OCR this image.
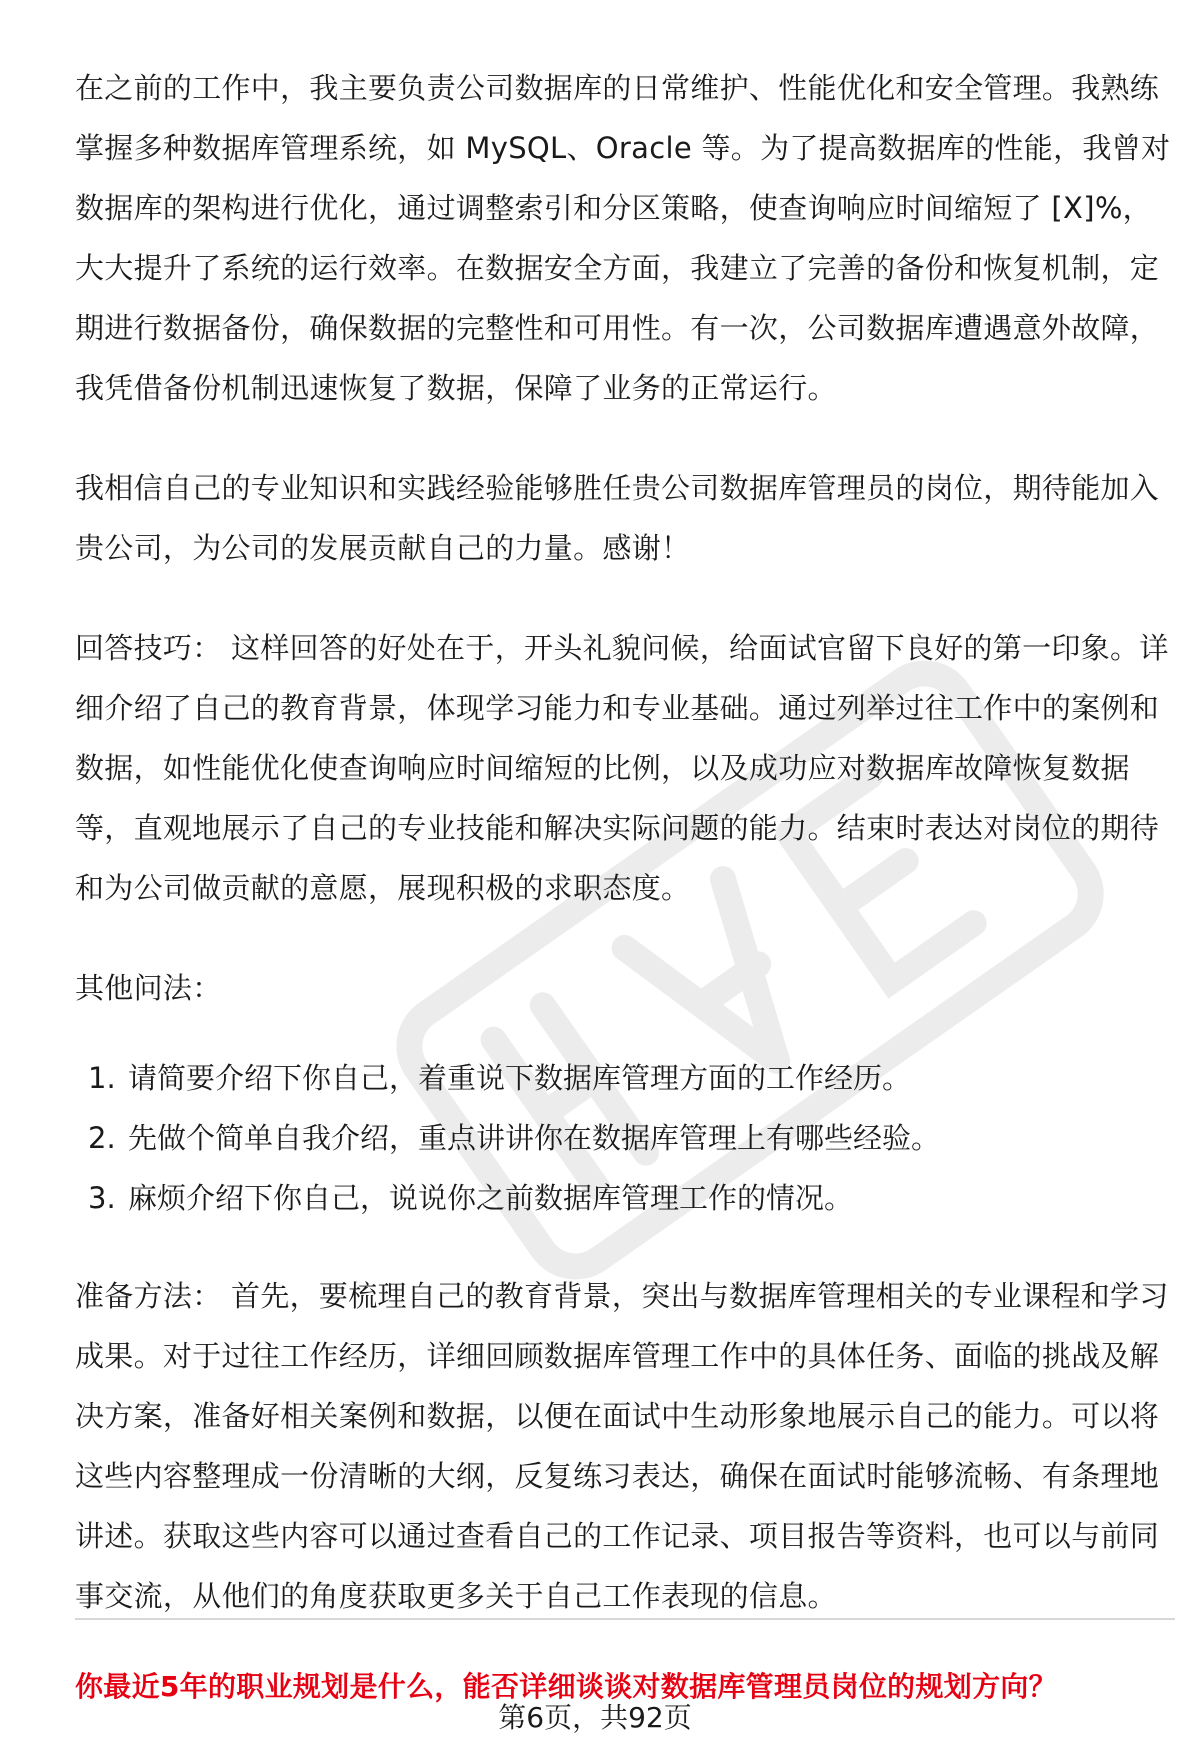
在之前的工作中，我主要负责公司数据库的日常维护、性能优化和安全管理。我熟练掌握多种数据库管理系统，如 MySQL、Oracle 等。为了提高数据库的性能，我曾对数据库的架构进行优化，通过调整索引和分区策略，使查询响应时间缩短了 [X]%，大大提升了系统的运行效率。在数据安全方面，我建立了完善的备份和恢复机制，定期进行数据备份，确保数据的完整性和可用性。有一次，公司数据库遭遇意外故障，我凭借备份机制迅速恢复了数据，保障了业务的正常运行。

我相信自己的专业知识和实践经验能够胜任贵公司数据库管理员的岗位，期待能加入贵公司，为公司的发展贡献自己的力量。感谢！

回答技巧： 这样回答的好处在于，开头礼貌问候，给面试官留下良好的第一印象。详细介绍了自己的教育背景，体现学习能力和专业基础。通过列举过往工作中的案例和数据，如性能优化使查询响应时间缩短的比例，以及成功应对数据库故障恢复数据等，直观地展示了自己的专业技能和解决实际问题的能力。结束时表达对岗位的期待和为公司做贡献的意愿，展现积极的求职态度。

其他问法：

1. 请简要介绍下你自己，着重说下数据库管理方面的工作经历。
2. 先做个简单自我介绍，重点讲讲你在数据库管理上有哪些经验。
3. 麻烦介绍下你自己，说说你之前数据库管理工作的情况。

准备方法： 首先，要梳理自己的教育背景，突出与数据库管理相关的专业课程和学习成果。对于过往工作经历，详细回顾数据库管理工作中的具体任务、面临的挑战及解决方案，准备好相关案例和数据，以便在面试中生动形象地展示自己的能力。可以将这些内容整理成一份清晰的大纲，反复练习表达，确保在面试时能够流畅、有条理地讲述。获取这些内容可以通过查看自己的工作记录、项目报告等资料，也可以与前同事交流，从他们的角度获取更多关于自己工作表现的信息。

你最近5年的职业规划是什么，能否详细谈谈对数据库管理员岗位的规划方向？
第6页，共92页
